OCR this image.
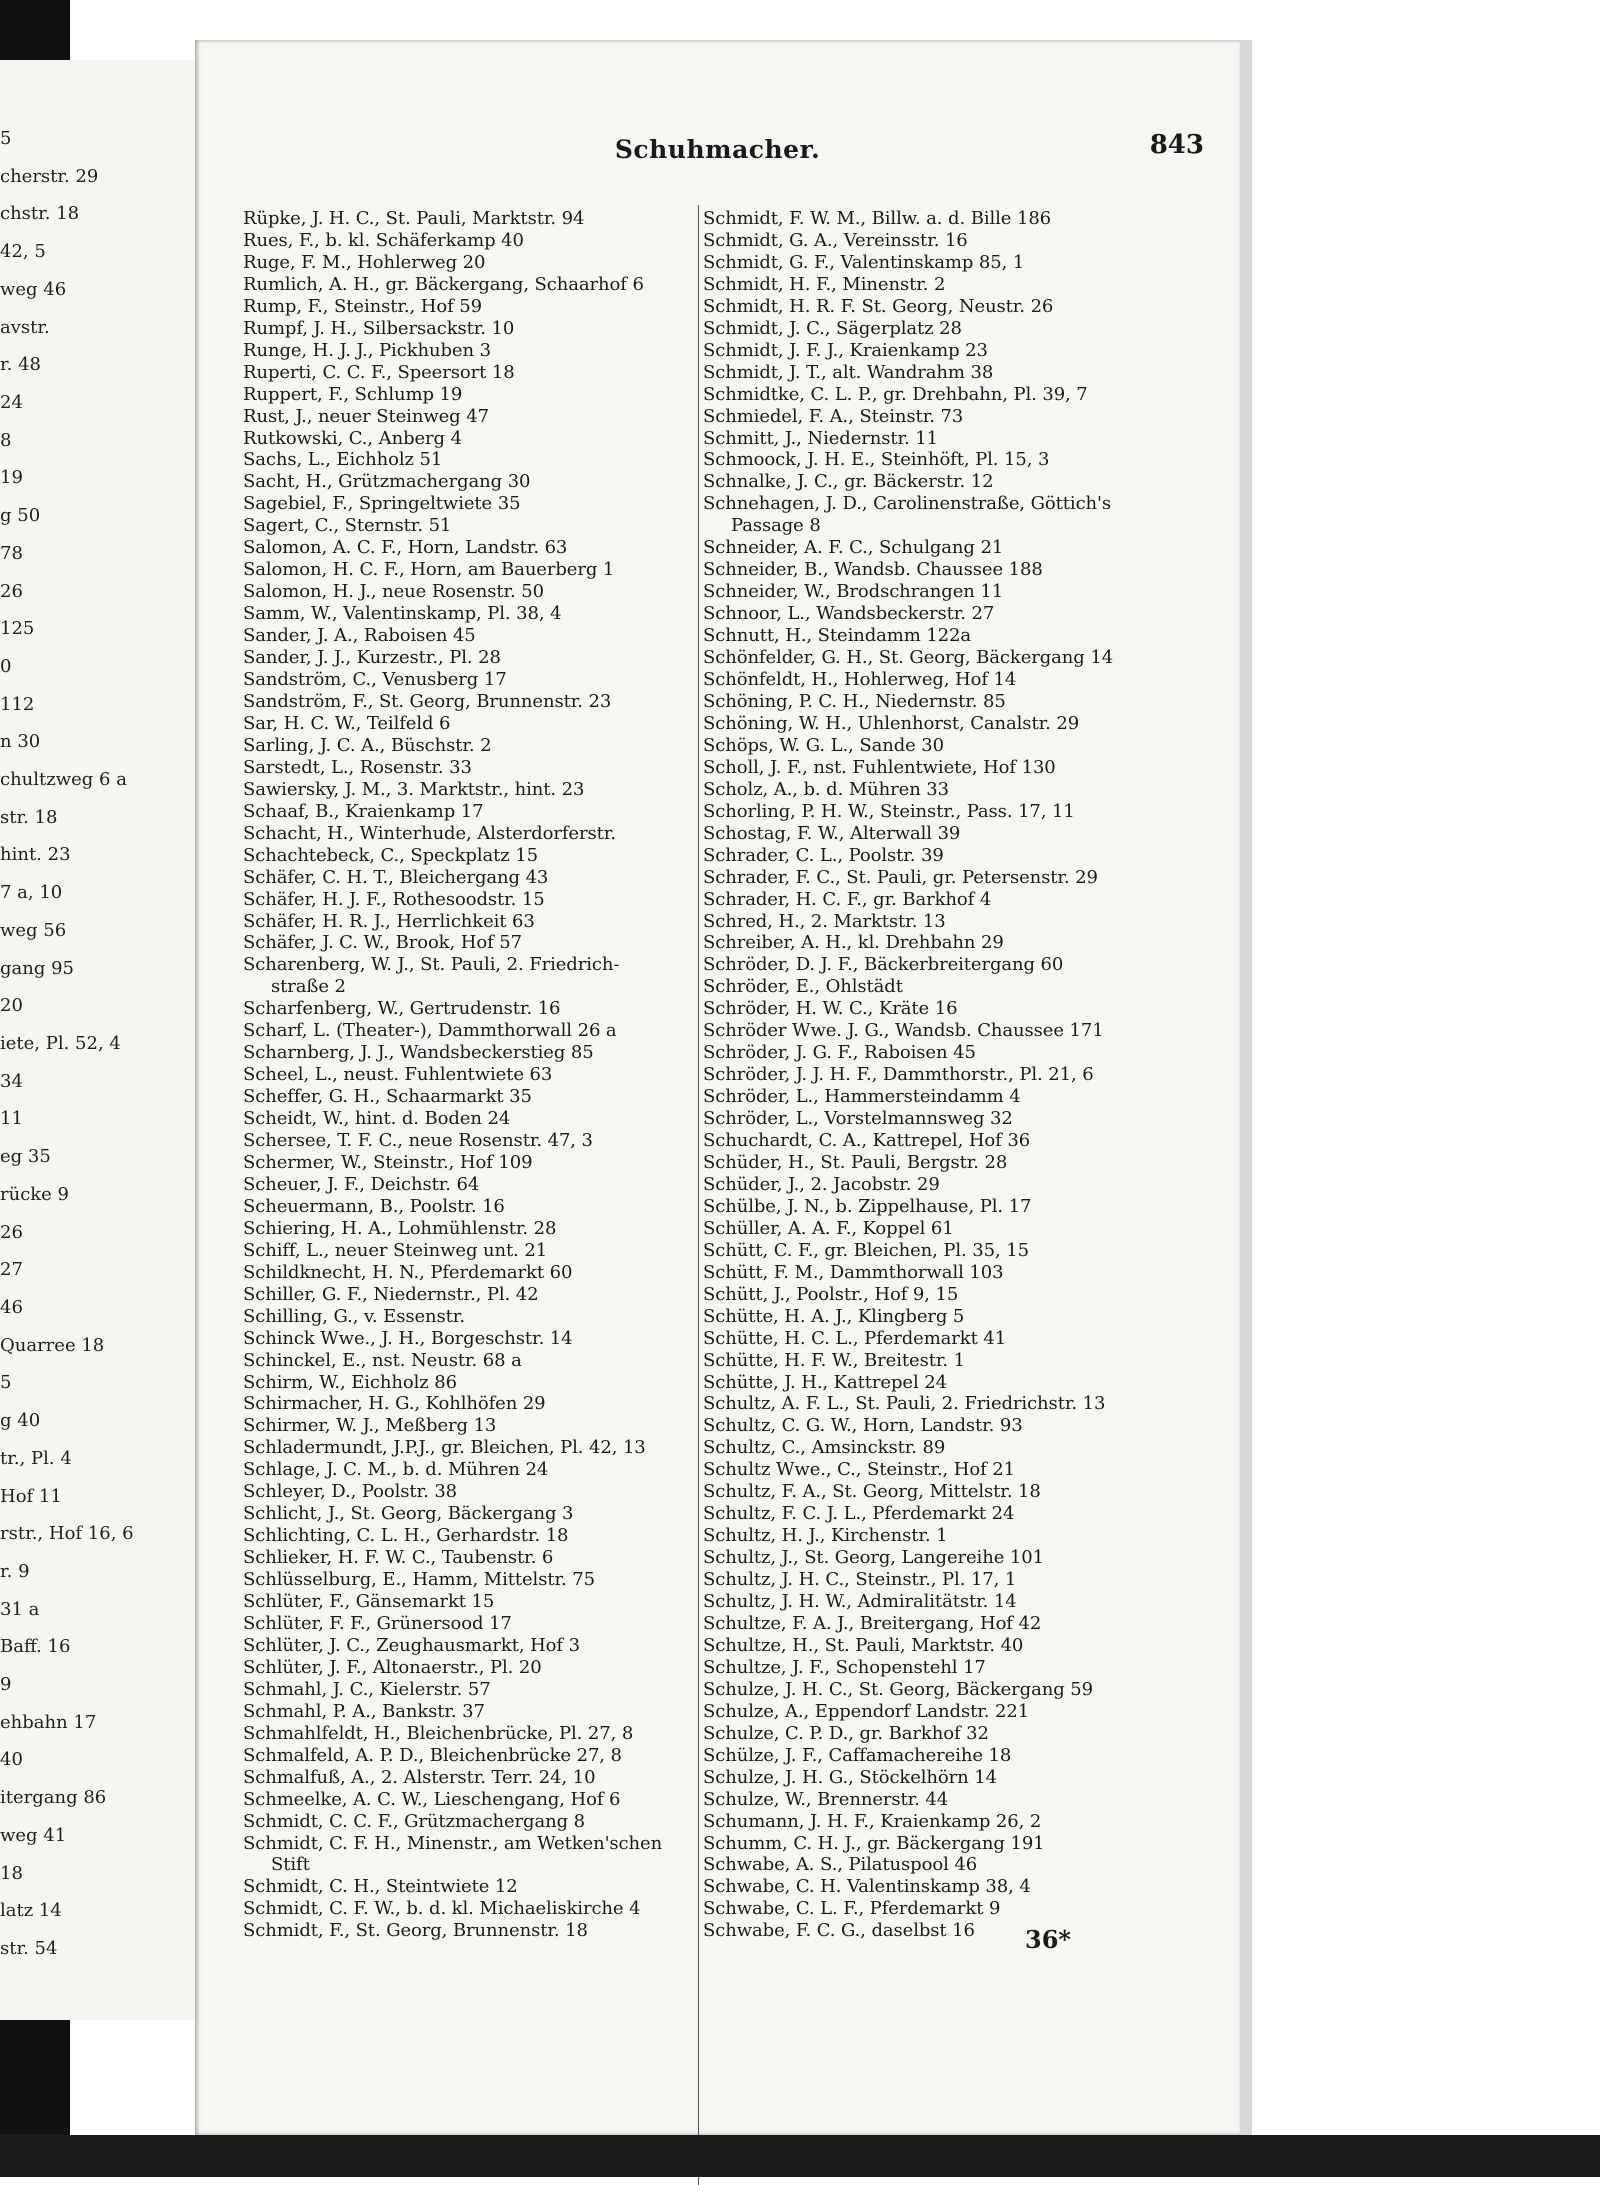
5
cherstr. 29
chstr. 18
42, 5
weg 46
avstr.
r. 48
24
8
19
g 50
78
26
125
0
112
n 30
chultzweg 6 a
str. 18
hint. 23
7 a, 10
weg 56
gang 95
20
iete, Pl. 52, 4
34
11
eg 35
rücke 9
26
27
46
Quarree 18
5
g 40
tr., Pl. 4
Hof 11
rstr., Hof 16, 6
r. 9
31 a
Baff. 16
9
ehbahn 17
40
itergang 86
weg 41
18
latz 14
str. 54
Schuhmacher.	843
Rüpke, J. H. C., St. Pauli, Marktstr. 94
Rues, F., b. kl. Schäferkamp 40
Ruge, F. M., Hohlerweg 20
Rumlich, A. H., gr. Bäckergang, Schaarhof 6
Rump, F., Steinstr., Hof 59
Rumpf, J. H., Silbersackstr. 10
Runge, H. J. J., Pickhuben 3
Ruperti, C. C. F., Speersort 18
Ruppert, F., Schlump 19
Rust, J., neuer Steinweg 47
Rutkowski, C., Anberg 4
Sachs, L., Eichholz 51
Sacht, H., Grützmachergang 30
Sagebiel, F., Springeltwiete 35
Sagert, C., Sternstr. 51
Salomon, A. C. F., Horn, Landstr. 63
Salomon, H. C. F., Horn, am Bauerberg 1
Salomon, H. J., neue Rosenstr. 50
Samm, W., Valentinskamp, Pl. 38, 4
Sander, J. A., Raboisen 45
Sander, J. J., Kurzestr., Pl. 28
Sandström, C., Venusberg 17
Sandström, F., St. Georg, Brunnenstr. 23
Sar, H. C. W., Teilfeld 6
Sarling, J. C. A., Büschstr. 2
Sarstedt, L., Rosenstr. 33
Sawiersky, J. M., 3. Marktstr., hint. 23
Schaaf, B., Kraienkamp 17
Schacht, H., Winterhude, Alsterdorferstr.
Schachtebeck, C., Speckplatz 15
Schäfer, C. H. T., Bleichergang 43
Schäfer, H. J. F., Rothesoodstr. 15
Schäfer, H. R. J., Herrlichkeit 63
Schäfer, J. C. W., Brook, Hof 57
Scharenberg, W. J., St. Pauli, 2. Friedrich-
straße 2
Scharfenberg, W., Gertrudenstr. 16
Scharf, L. (Theater-), Dammthorwall 26 a
Scharnberg, J. J., Wandsbeckerstieg 85
Scheel, L., neust. Fuhlentwiete 63
Scheffer, G. H., Schaarmarkt 35
Scheidt, W., hint. d. Boden 24
Schersee, T. F. C., neue Rosenstr. 47, 3
Schermer, W., Steinstr., Hof 109
Scheuer, J. F., Deichstr. 64
Scheuermann, B., Poolstr. 16
Schiering, H. A., Lohmühlenstr. 28
Schiff, L., neuer Steinweg unt. 21
Schildknecht, H. N., Pferdemarkt 60
Schiller, G. F., Niedernstr., Pl. 42
Schilling, G., v. Essenstr.
Schinck Wwe., J. H., Borgeschstr. 14
Schinckel, E., nst. Neustr. 68 a
Schirm, W., Eichholz 86
Schirmacher, H. G., Kohlhöfen 29
Schirmer, W. J., Meßberg 13
Schladermundt, J.P.J., gr. Bleichen, Pl. 42, 13
Schlage, J. C. M., b. d. Mühren 24
Schleyer, D., Poolstr. 38
Schlicht, J., St. Georg, Bäckergang 3
Schlichting, C. L. H., Gerhardstr. 18
Schlieker, H. F. W. C., Taubenstr. 6
Schlüsselburg, E., Hamm, Mittelstr. 75
Schlüter, F., Gänsemarkt 15
Schlüter, F. F., Grünersood 17
Schlüter, J. C., Zeughausmarkt, Hof 3
Schlüter, J. F., Altonaerstr., Pl. 20
Schmahl, J. C., Kielerstr. 57
Schmahl, P. A., Bankstr. 37
Schmahlfeldt, H., Bleichenbrücke, Pl. 27, 8
Schmalfeld, A. P. D., Bleichenbrücke 27, 8
Schmalfuß, A., 2. Alsterstr. Terr. 24, 10
Schmeelke, A. C. W., Lieschengang, Hof 6
Schmidt, C. C. F., Grützmachergang 8
Schmidt, C. F. H., Minenstr., am Wetken'schen
Stift
Schmidt, C. H., Steintwiete 12
Schmidt, C. F. W., b. d. kl. Michaeliskirche 4
Schmidt, F., St. Georg, Brunnenstr. 18
Schmidt, F. W. M., Billw. a. d. Bille 186
Schmidt, G. A., Vereinsstr. 16
Schmidt, G. F., Valentinskamp 85, 1
Schmidt, H. F., Minenstr. 2
Schmidt, H. R. F. St. Georg, Neustr. 26
Schmidt, J. C., Sägerplatz 28
Schmidt, J. F. J., Kraienkamp 23
Schmidt, J. T., alt. Wandrahm 38
Schmidtke, C. L. P., gr. Drehbahn, Pl. 39, 7
Schmiedel, F. A., Steinstr. 73
Schmitt, J., Niedernstr. 11
Schmoock, J. H. E., Steinhöft, Pl. 15, 3
Schnalke, J. C., gr. Bäckerstr. 12
Schnehagen, J. D., Carolinenstraße, Göttich's
Passage 8
Schneider, A. F. C., Schulgang 21
Schneider, B., Wandsb. Chaussee 188
Schneider, W., Brodschrangen 11
Schnoor, L., Wandsbeckerstr. 27
Schnutt, H., Steindamm 122a
Schönfelder, G. H., St. Georg, Bäckergang 14
Schönfeldt, H., Hohlerweg, Hof 14
Schöning, P. C. H., Niedernstr. 85
Schöning, W. H., Uhlenhorst, Canalstr. 29
Schöps, W. G. L., Sande 30
Scholl, J. F., nst. Fuhlentwiete, Hof 130
Scholz, A., b. d. Mühren 33
Schorling, P. H. W., Steinstr., Pass. 17, 11
Schostag, F. W., Alterwall 39
Schrader, C. L., Poolstr. 39
Schrader, F. C., St. Pauli, gr. Petersenstr. 29
Schrader, H. C. F., gr. Barkhof 4
Schred, H., 2. Marktstr. 13
Schreiber, A. H., kl. Drehbahn 29
Schröder, D. J. F., Bäckerbreitergang 60
Schröder, E., Ohlstädt
Schröder, H. W. C., Kräte 16
Schröder Wwe. J. G., Wandsb. Chaussee 171
Schröder, J. G. F., Raboisen 45
Schröder, J. J. H. F., Dammthorstr., Pl. 21, 6
Schröder, L., Hammersteindamm 4
Schröder, L., Vorstelmannsweg 32
Schuchardt, C. A., Kattrepel, Hof 36
Schüder, H., St. Pauli, Bergstr. 28
Schüder, J., 2. Jacobstr. 29
Schülbe, J. N., b. Zippelhause, Pl. 17
Schüller, A. A. F., Koppel 61
Schütt, C. F., gr. Bleichen, Pl. 35, 15
Schütt, F. M., Dammthorwall 103
Schütt, J., Poolstr., Hof 9, 15
Schütte, H. A. J., Klingberg 5
Schütte, H. C. L., Pferdemarkt 41
Schütte, H. F. W., Breitestr. 1
Schütte, J. H., Kattrepel 24
Schultz, A. F. L., St. Pauli, 2. Friedrichstr. 13
Schultz, C. G. W., Horn, Landstr. 93
Schultz, C., Amsinckstr. 89
Schultz Wwe., C., Steinstr., Hof 21
Schultz, F. A., St. Georg, Mittelstr. 18
Schultz, F. C. J. L., Pferdemarkt 24
Schultz, H. J., Kirchenstr. 1
Schultz, J., St. Georg, Langereihe 101
Schultz, J. H. C., Steinstr., Pl. 17, 1
Schultz, J. H. W., Admiralitätstr. 14
Schultze, F. A. J., Breitergang, Hof 42
Schultze, H., St. Pauli, Marktstr. 40
Schultze, J. F., Schopenstehl 17
Schulze, J. H. C., St. Georg, Bäckergang 59
Schulze, A., Eppendorf Landstr. 221
Schulze, C. P. D., gr. Barkhof 32
Schülze, J. F., Caffamachereihe 18
Schulze, J. H. G., Stöckelhörn 14
Schulze, W., Brennerstr. 44
Schumann, J. H. F., Kraienkamp 26, 2
Schumm, C. H. J., gr. Bäckergang 191
Schwabe, A. S., Pilatuspool 46
Schwabe, C. H. Valentinskamp 38, 4
Schwabe, C. L. F., Pferdemarkt 9
Schwabe, F. C. G., daselbst 16	36*
